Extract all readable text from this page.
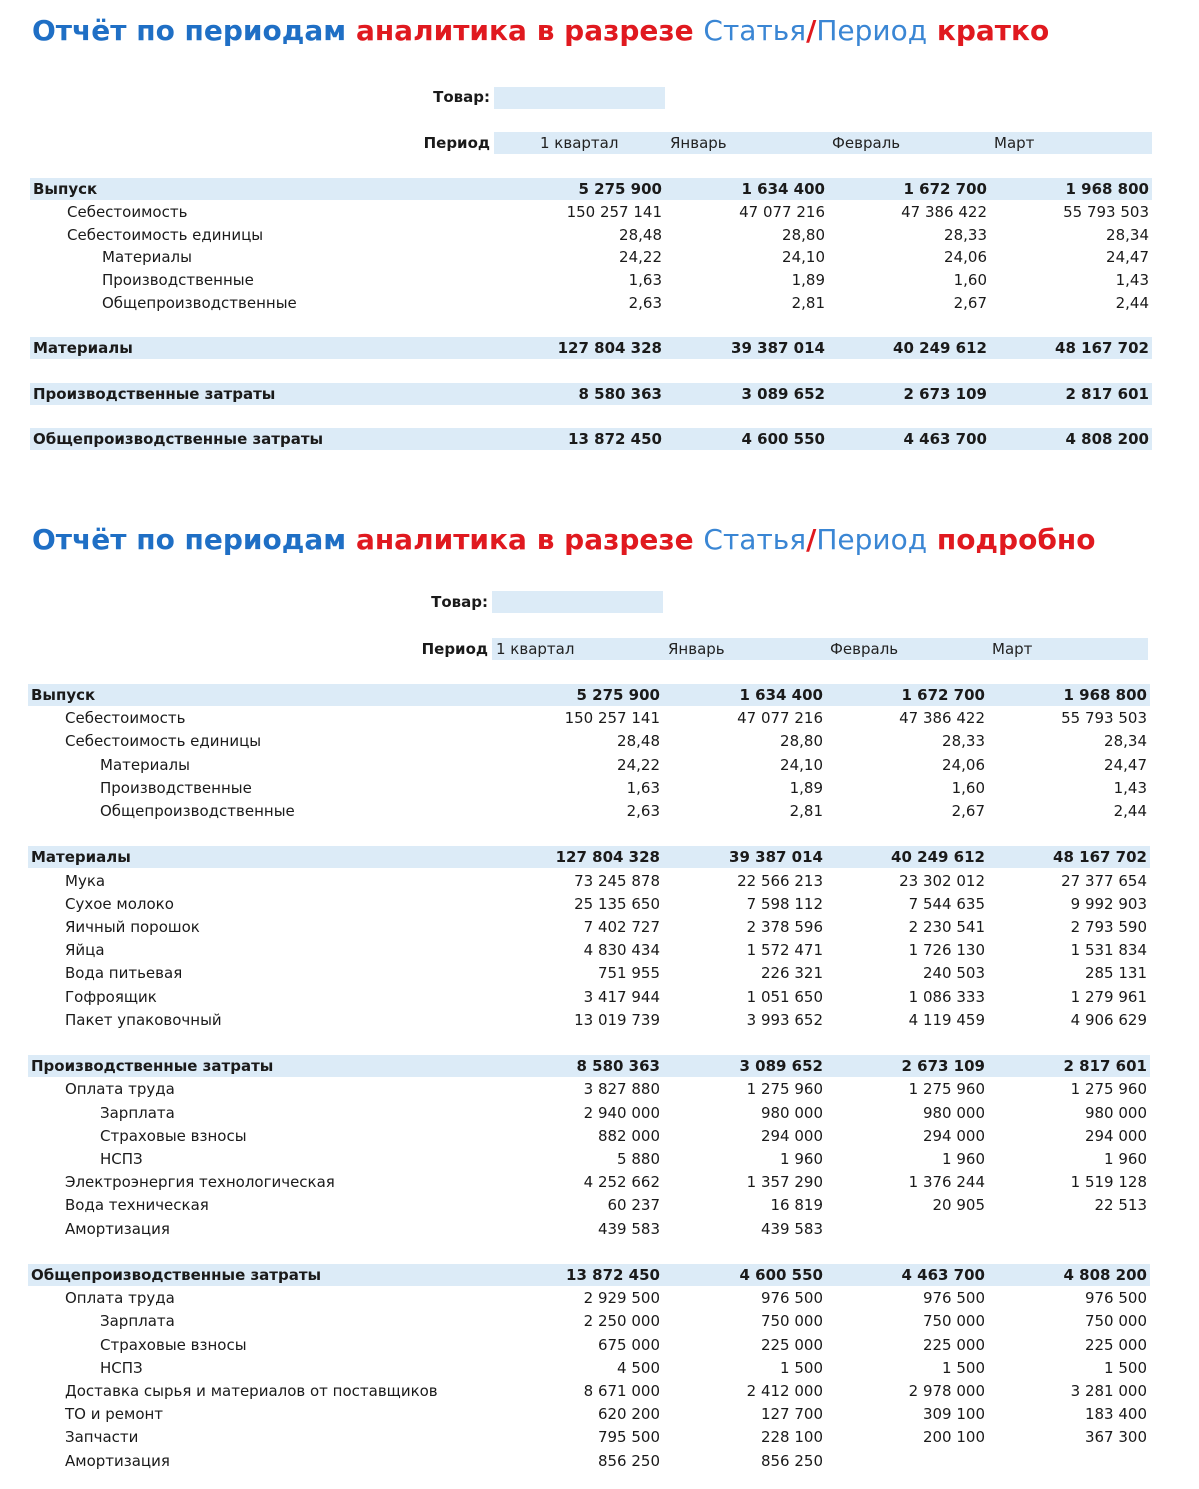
Отчёт по периодам аналитика в разрезе Статья/Период кратко
Товар:
Период	1 квартал	Январь	Февраль	Март
Выпуск	5 275 900	1 634 400	1 672 700	1 968 800
Себестоимость	150 257 141	47 077 216	47 386 422	55 793 503
Себестоимость единицы	28,48	28,80	28,33	28,34
Материалы	24,22	24,10	24,06	24,47
Производственные	1,63	1,89	1,60	1,43
Общепроизводственные	2,63	2,81	2,67	2,44
Материалы	127 804 328	39 387 014	40 249 612	48 167 702
Производственные затраты	8 580 363	3 089 652	2 673 109	2 817 601
Общепроизводственные затраты	13 872 450	4 600 550	4 463 700	4 808 200
Отчёт по периодам аналитика в разрезе Статья/Период подробно
Товар:
Период 1 квартал	Январь	Февраль	Март
Выпуск	5 275 900	1 634 400	1 672 700	1 968 800
Себестоимость	150 257 141	47 077 216	47 386 422	55 793 503
Себестоимость единицы	28,48	28,80	28,33	28,34
Материалы	24,22	24,10	24,06	24,47
Производственные	1,63	1,89	1,60	1,43
Общепроизводственные	2,63	2,81	2,67	2,44
Материалы	127 804 328	39 387 014	40 249 612	48 167 702
Мука	73 245 878	22 566 213	23 302 012	27 377 654
Сухое молоко	25 135 650	7 598 112	7 544 635	9 992 903
Яичный порошок	7 402 727	2 378 596	2 230 541	2 793 590
Яйца	4 830 434	1 572 471	1 726 130	1 531 834
Вода питьевая	751 955	226 321	240 503	285 131
Гофроящик	3 417 944	1 051 650	1 086 333	1 279 961
Пакет упаковочный	13 019 739	3 993 652	4 119 459	4 906 629
Производственные затраты	8 580 363	3 089 652	2 673 109	2 817 601
Оплата труда	3 827 880	1 275 960	1 275 960	1 275 960
Зарплата	2 940 000	980 000	980 000	980 000
Страховые взносы	882 000	294 000	294 000	294 000
НСПЗ	5 880	1 960	1 960	1 960
Электроэнергия технологическая	4 252 662	1 357 290	1 376 244	1 519 128
Вода техническая	60 237	16 819	20 905	22 513
Амортизация	439 583	439 583
Общепроизводственные затраты	13 872 450	4 600 550	4 463 700	4 808 200
Оплата труда	2 929 500	976 500	976 500	976 500
Зарплата	2 250 000	750 000	750 000	750 000
Страховые взносы	675 000	225 000	225 000	225 000
НСПЗ	4 500	1 500	1 500	1 500
Доставка сырья и материалов от поставщиков	8 671 000	2 412 000	2 978 000	3 281 000
ТО и ремонт	620 200	127 700	309 100	183 400
Запчасти	795 500	228 100	200 100	367 300
Амортизация	856 250	856 250
